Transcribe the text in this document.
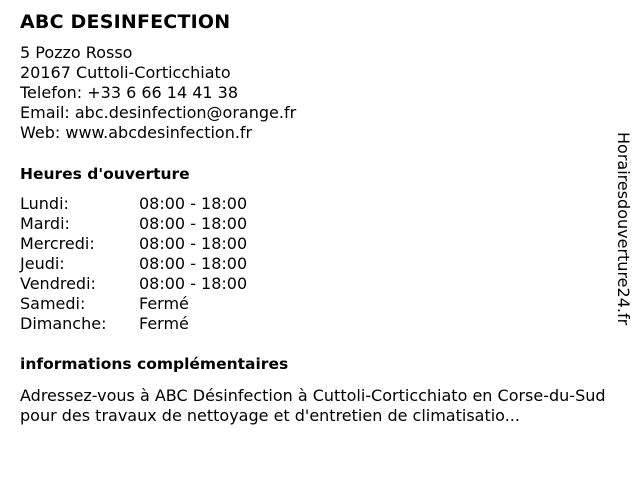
ABC DESINFECTION
5 Pozzo Rosso
20167 Cuttoli-Corticchiato
Telefon: +33 6 66 14 41 38
Email: abc.desinfection@orange.fr
Web: www.abcdesinfection.fr
Heures d'ouverture
Lundi:	08:00 - 18:00
Mardi:	08:00 - 18:00
Mercredi:	08:00 - 18:00
Jeudi:	08:00 - 18:00
Vendredi:	08:00 - 18:00
Samedi:	Fermé
Dimanche: Fermé
informations complémentaires
Adressez-vous à ABC Désinfection à Cuttoli-Corticchiato en Corse-du-Sud pour des travaux de nettoyage et d'entretien de climatisatio...
Horairesdouverture24.fr
